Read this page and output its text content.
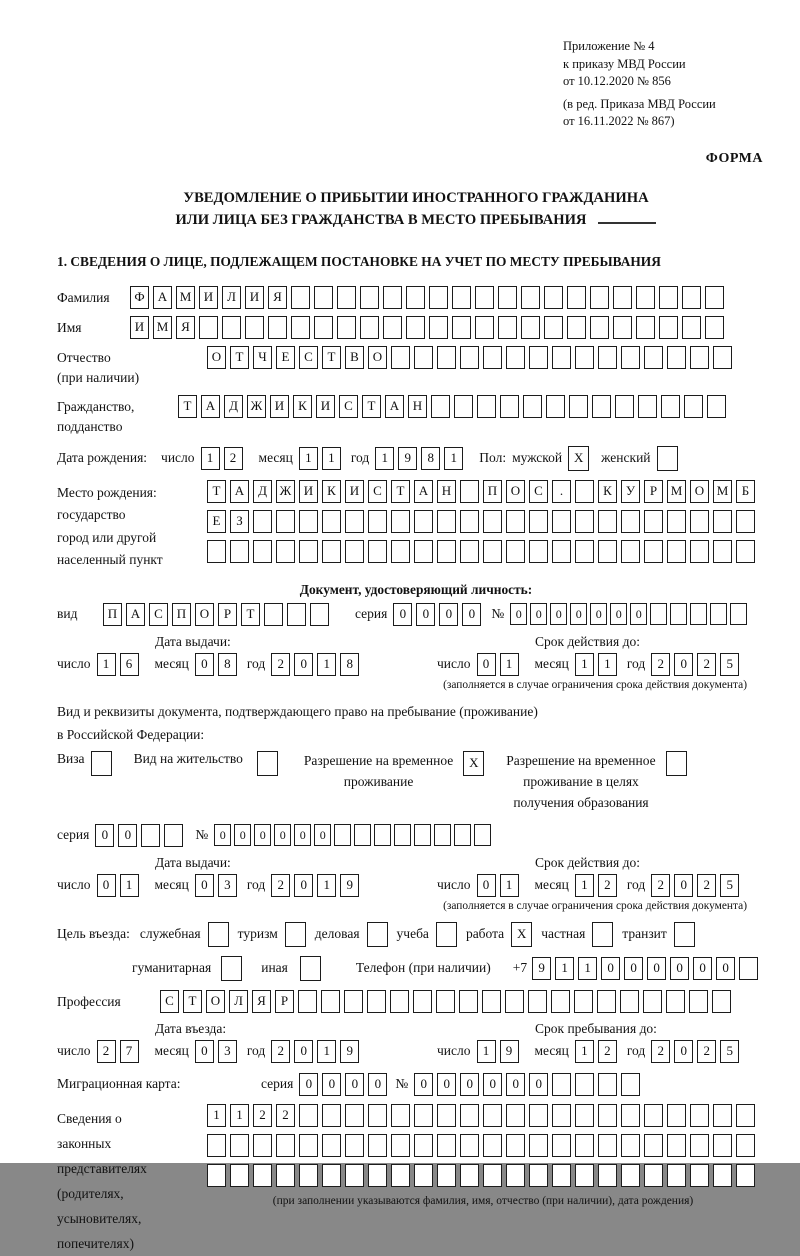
Приложение № 4
к приказу МВД России
от 10.12.2020 № 856
(в ред. Приказа МВД России
от 16.11.2022 № 867)
ФОРМА
УВЕДОМЛЕНИЕ О ПРИБЫТИИ ИНОСТРАННОГО ГРАЖДАНИНА
ИЛИ ЛИЦА БЕЗ ГРАЖДАНСТВА В МЕСТО ПРЕБЫВАНИЯ
1. СВЕДЕНИЯ О ЛИЦЕ, ПОДЛЕЖАЩЕМ ПОСТАНОВКЕ НА УЧЕТ ПО МЕСТУ ПРЕБЫВАНИЯ
Фамилия	Ф	А М И	Л	И	Я
Имя	И М Я
Отчество
(при наличии)
О	Т	Ч	Е	С	Т	В	О
Гражданство,
подданство
Т	А	Д Ж И	К	И	С	Т	А	Н
Дата рождения: число 1	2	месяц 1	1	год 1	9	8	1	Пол: мужской X	женский
Место рождения:
государство
город или другой
населенный пункт
Т	А	Д Ж И	К	И	С	Т	А	Н	П	О	С	.	К	У	Р	М О М	Б
Е	З
Документ, удостоверяющий личность:
вид	П	А	С	П	О	Р	Т	серия 0	0	0	0	№ 0	0	0	0	0	0	0
Дата выдачи:
число 1	6	месяц 0	8	год 2	0	1	8
Срок действия до:
число 0	1	месяц 1	1	год 2	0	2	5
(заполняется в случае ограничения срока действия документа)
Вид и реквизиты документа, подтверждающего право на пребывание (проживание)
в Российской Федерации:
Виза	Вид на жительство	Разрешение на временное
проживание
X	Разрешение на временное
проживание в целях
получения образования
серия 0	0	№ 0	0	0	0	0	0
Дата выдачи:
число 0	1	месяц 0	3	год 2	0	1	9
Срок действия до:
число 0	1	месяц 1	2	год 2	0	2	5
(заполняется в случае ограничения срока действия документа)
Цель въезда: служебная	туризм	деловая	учеба	работа X	частная	транзит
гуманитарная	иная	Телефон (при наличии) +7 9	1	1	0	0	0	0	0	0
Профессия	С	Т	О	Л	Я	Р
Дата въезда:
число 2	7	месяц 0	3	год 2	0	1	9
Срок пребывания до:
число 1	9	месяц 1	2	год 2	0	2	5
Миграционная карта:	серия 0	0	0	0	№ 0	0	0	0	0	0
Сведения о
законных
представителях
(родителях,
усыновителях,
попечителях)
1	1	2	2
(при заполнении указываются фамилия, имя, отчество (при наличии), дата рождения)
